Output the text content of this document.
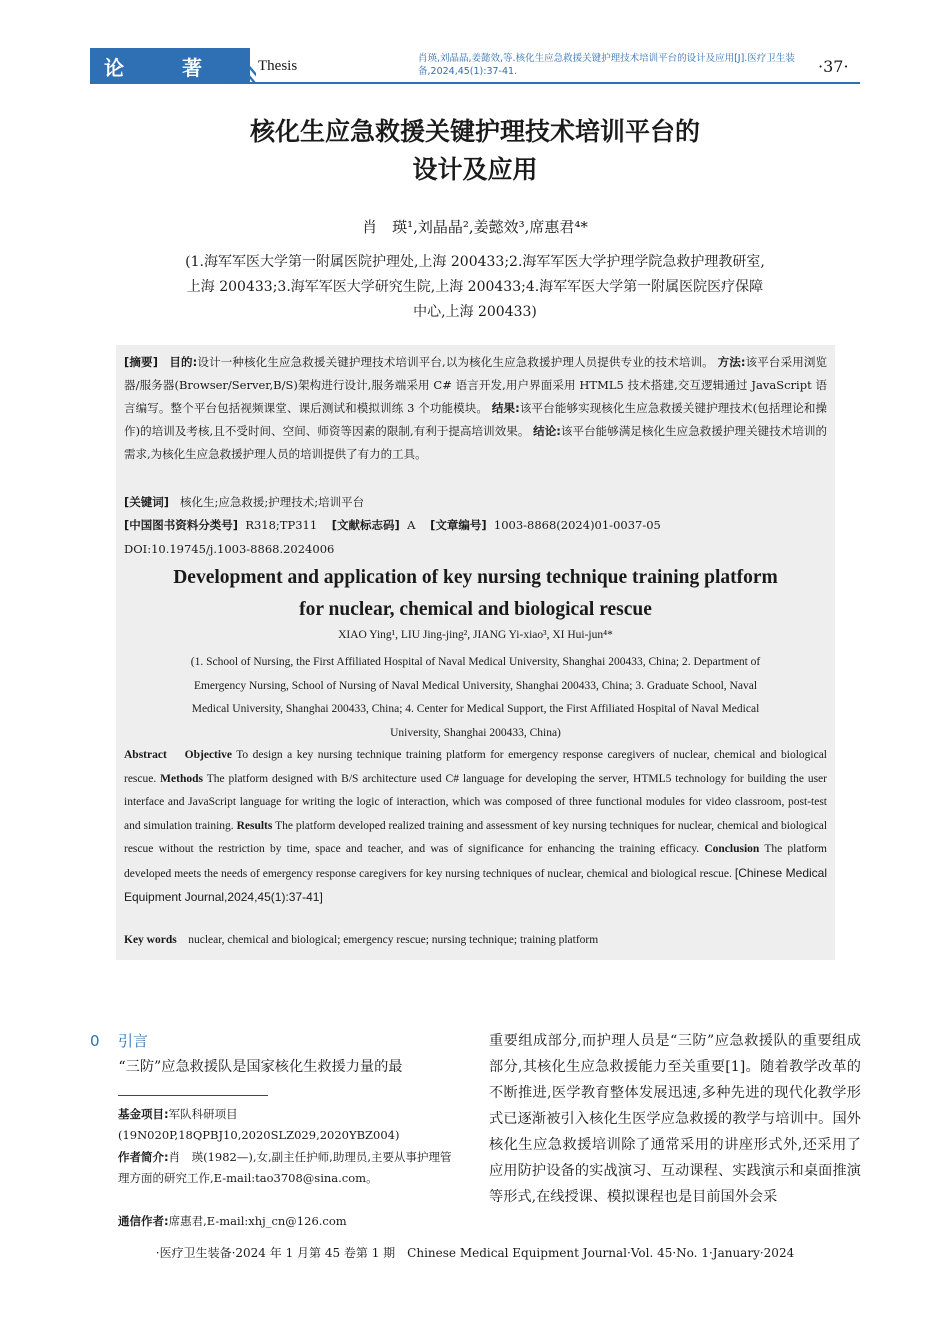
论	著	Thesis	肖瑛,刘晶晶,姜懿效,等.核化生应急救援关键护理技术培训平台的设计及应用[J].医疗卫生装备,2024,45(1):37-41.	·37·
核化生应急救援关键护理技术培训平台的
设计及应用
肖　瑛¹,刘晶晶²,姜懿效³,席惠君⁴*
(1.海军军医大学第一附属医院护理处,上海 200433;2.海军军医大学护理学院急救护理教研室,
上海 200433;3.海军军医大学研究生院,上海 200433;4.海军军医大学第一附属医院医疗保障
中心,上海 200433)
[摘要] 目的:设计一种核化生应急救援关键护理技术培训平台,以为核化生应急救援护理人员提供专业的技术培训。 方法:该平台采用浏览器/服务器(Browser/Server,B/S)架构进行设计,服务端采用 C# 语言开发,用户界面采用 HTML5 技术搭建,交互逻辑通过 JavaScript 语言编写。整个平台包括视频课堂、课后测试和模拟训练 3 个功能模块。 结果:该平台能够实现核化生应急救援关键护理技术(包括理论和操作)的培训及考核,且不受时间、空间、师资等因素的限制,有利于提高培训效果。 结论:该平台能够满足核化生应急救援护理关键技术培训的需求,为核化生应急救援护理人员的培训提供了有力的工具。
[关键词] 核化生;应急救援;护理技术;培训平台
[中国图书资料分类号] R318;TP311 [文献标志码] A [文章编号] 1003-8868(2024)01-0037-05
DOI:10.19745/j.1003-8868.2024006
Development and application of key nursing technique training platform
for nuclear, chemical and biological rescue
XIAO Ying¹, LIU Jing-jing², JIANG Yi-xiao³, XI Hui-jun⁴*
(1. School of Nursing, the First Affiliated Hospital of Naval Medical University, Shanghai 200433, China; 2. Department of
Emergency Nursing, School of Nursing of Naval Medical University, Shanghai 200433, China; 3. Graduate School, Naval
Medical University, Shanghai 200433, China; 4. Center for Medical Support, the First Affiliated Hospital of Naval Medical
University, Shanghai 200433, China)
Abstract Objective To design a key nursing technique training platform for emergency response caregivers of nuclear, chemical and biological rescue. Methods The platform designed with B/S architecture used C# language for developing the server, HTML5 technology for building the user interface and JavaScript language for writing the logic of interaction, which was composed of three functional modules for video classroom, post-test and simulation training. Results The platform developed realized training and assessment of key nursing techniques for nuclear, chemical and biological rescue without the restriction by time, space and teacher, and was of significance for enhancing the training efficacy. Conclusion The platform developed meets the needs of emergency response caregivers for key nursing techniques of nuclear, chemical and biological rescue. [Chinese Medical Equipment Journal,2024,45(1):37-41]
Key words nuclear, chemical and biological; emergency rescue; nursing technique; training platform
0 引言
“三防”应急救援队是国家核化生救援力量的最
基金项目:军队科研项目(19N020P,18QPBJ10,2020SLZ029,2020YBZ004)
作者简介:肖　瑛(1982—),女,副主任护师,助理员,主要从事护理管理方面的研究工作,E-mail:tao3708@sina.com。
通信作者:席惠君,E-mail:xhj_cn@126.com
重要组成部分,而护理人员是“三防”应急救援队的重要组成部分,其核化生应急救援能力至关重要[1]。随着教学改革的不断推进,医学教育整体发展迅速,多种先进的现代化教学形式已逐渐被引入核化生医学应急救援的教学与培训中。国外核化生应急救援培训除了通常采用的讲座形式外,还采用了应用防护设备的实战演习、互动课程、实践演示和桌面推演等形式,在线授课、模拟课程也是目前国外会采
·医疗卫生装备·2024 年 1 月第 45 卷第 1 期　Chinese Medical Equipment Journal·Vol. 45·No. 1·January·2024
